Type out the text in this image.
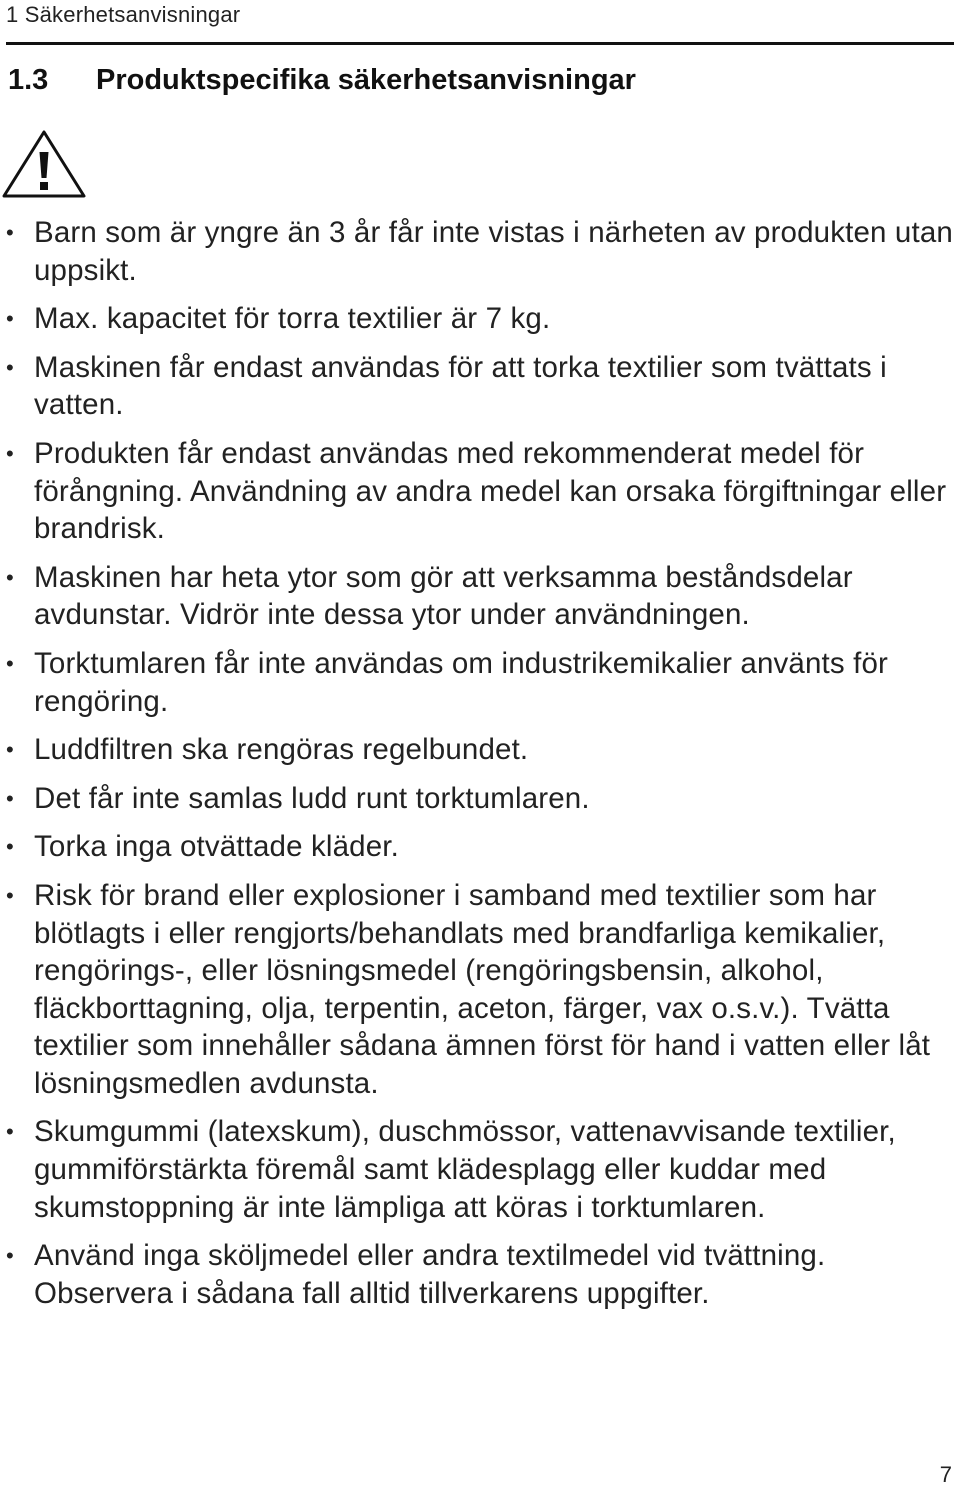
1 Säkerhetsanvisningar
1.3 Produktspecifika säkerhetsanvisningar
• Barn som är yngre än 3 år får inte vistas i närheten av produkten utan uppsikt.
• Max. kapacitet för torra textilier är 7 kg.
• Maskinen får endast användas för att torka textilier som tvättats i vatten.
• Produkten får endast användas med rekommenderat medel för förångning. Användning av andra medel kan orsaka förgiftningar eller brandrisk.
• Maskinen har heta ytor som gör att verksamma beståndsdelar avdunstar. Vidrör inte dessa ytor under användningen.
• Torktumlaren får inte användas om industrikemikalier använts för rengöring.
• Luddfiltren ska rengöras regelbundet.
• Det får inte samlas ludd runt torktumlaren.
• Torka inga otvättade kläder.
• Risk för brand eller explosioner i samband med textilier som har blötlagts i eller rengjorts/behandlats med brandfarliga kemikalier, rengörings-, eller lösningsmedel (rengöringsbensin, alkohol, fläckborttagning, olja, terpentin, aceton, färger, vax o.s.v.). Tvätta textilier som innehåller sådana ämnen först för hand i vatten eller låt lösningsmedlen avdunsta.
• Skumgummi (latexskum), duschmössor, vattenavvisande textilier, gummiförstärkta föremål samt klädesplagg eller kuddar med skumstoppning är inte lämpliga att köras i torktumlaren.
• Använd inga sköljmedel eller andra textilmedel vid tvättning. Observera i sådana fall alltid tillverkarens uppgifter.
7
